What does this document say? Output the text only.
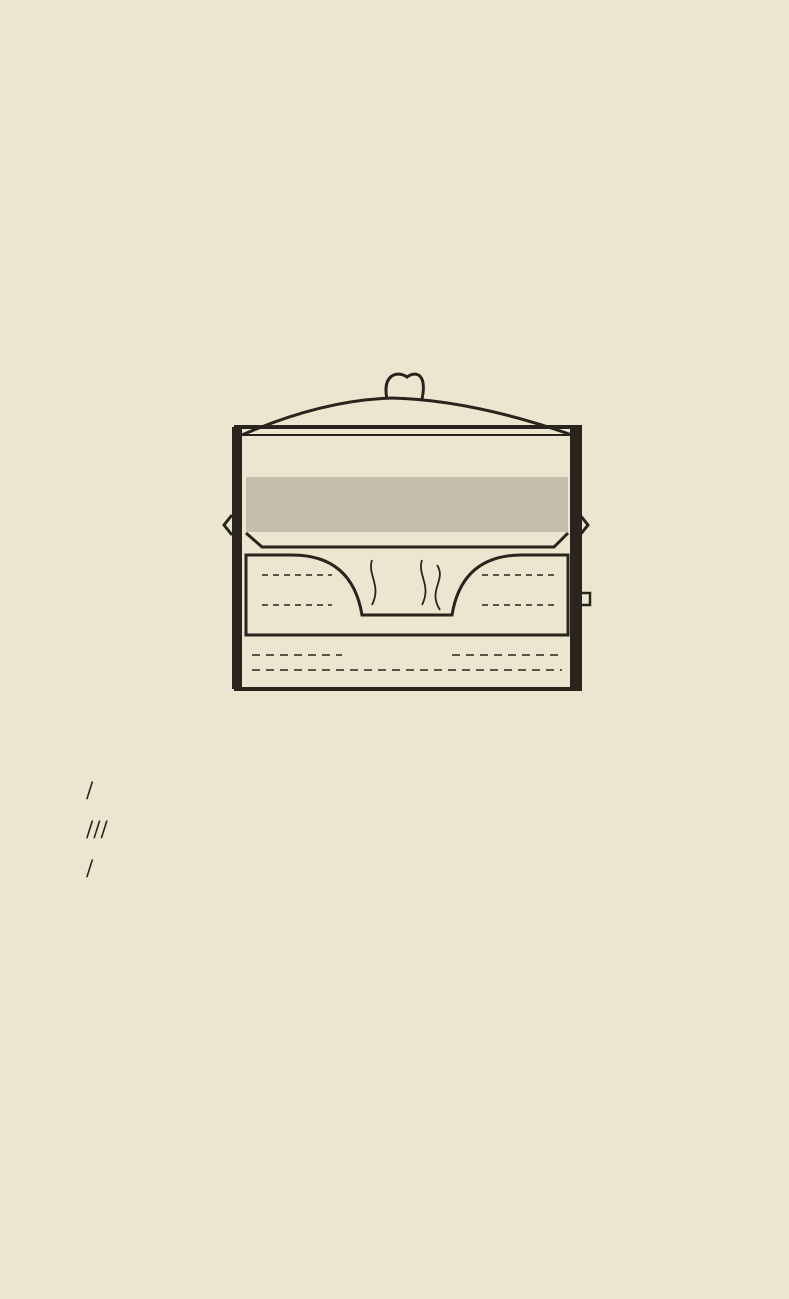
/
///
/
